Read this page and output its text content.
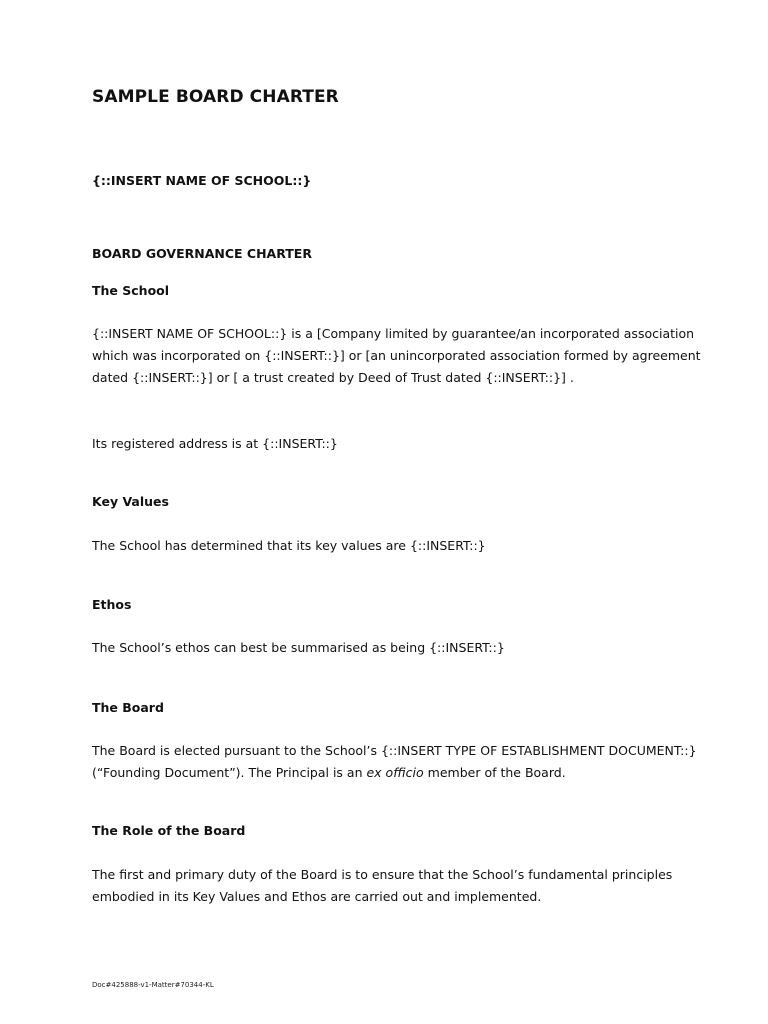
SAMPLE BOARD CHARTER
{::INSERT NAME OF SCHOOL::}
BOARD GOVERNANCE CHARTER
The School
{::INSERT NAME OF SCHOOL::} is a [Company limited by guarantee/an incorporated association which was incorporated on {::INSERT::}] or [an unincorporated association formed by agreement dated {::INSERT::}] or [ a trust created by Deed of Trust dated {::INSERT::}] .
Its registered address is at {::INSERT::}
Key Values
The School has determined that its key values are {::INSERT::}
Ethos
The School’s ethos can best be summarised as being {::INSERT::}
The Board
The Board is elected pursuant to the School’s {::INSERT TYPE OF ESTABLISHMENT DOCUMENT::} (“Founding Document”). The Principal is an ex officio member of the Board.
The Role of the Board
The first and primary duty of the Board is to ensure that the School’s fundamental principles embodied in its Key Values and Ethos are carried out and implemented.
Doc#425888-v1-Matter#70344-KL
